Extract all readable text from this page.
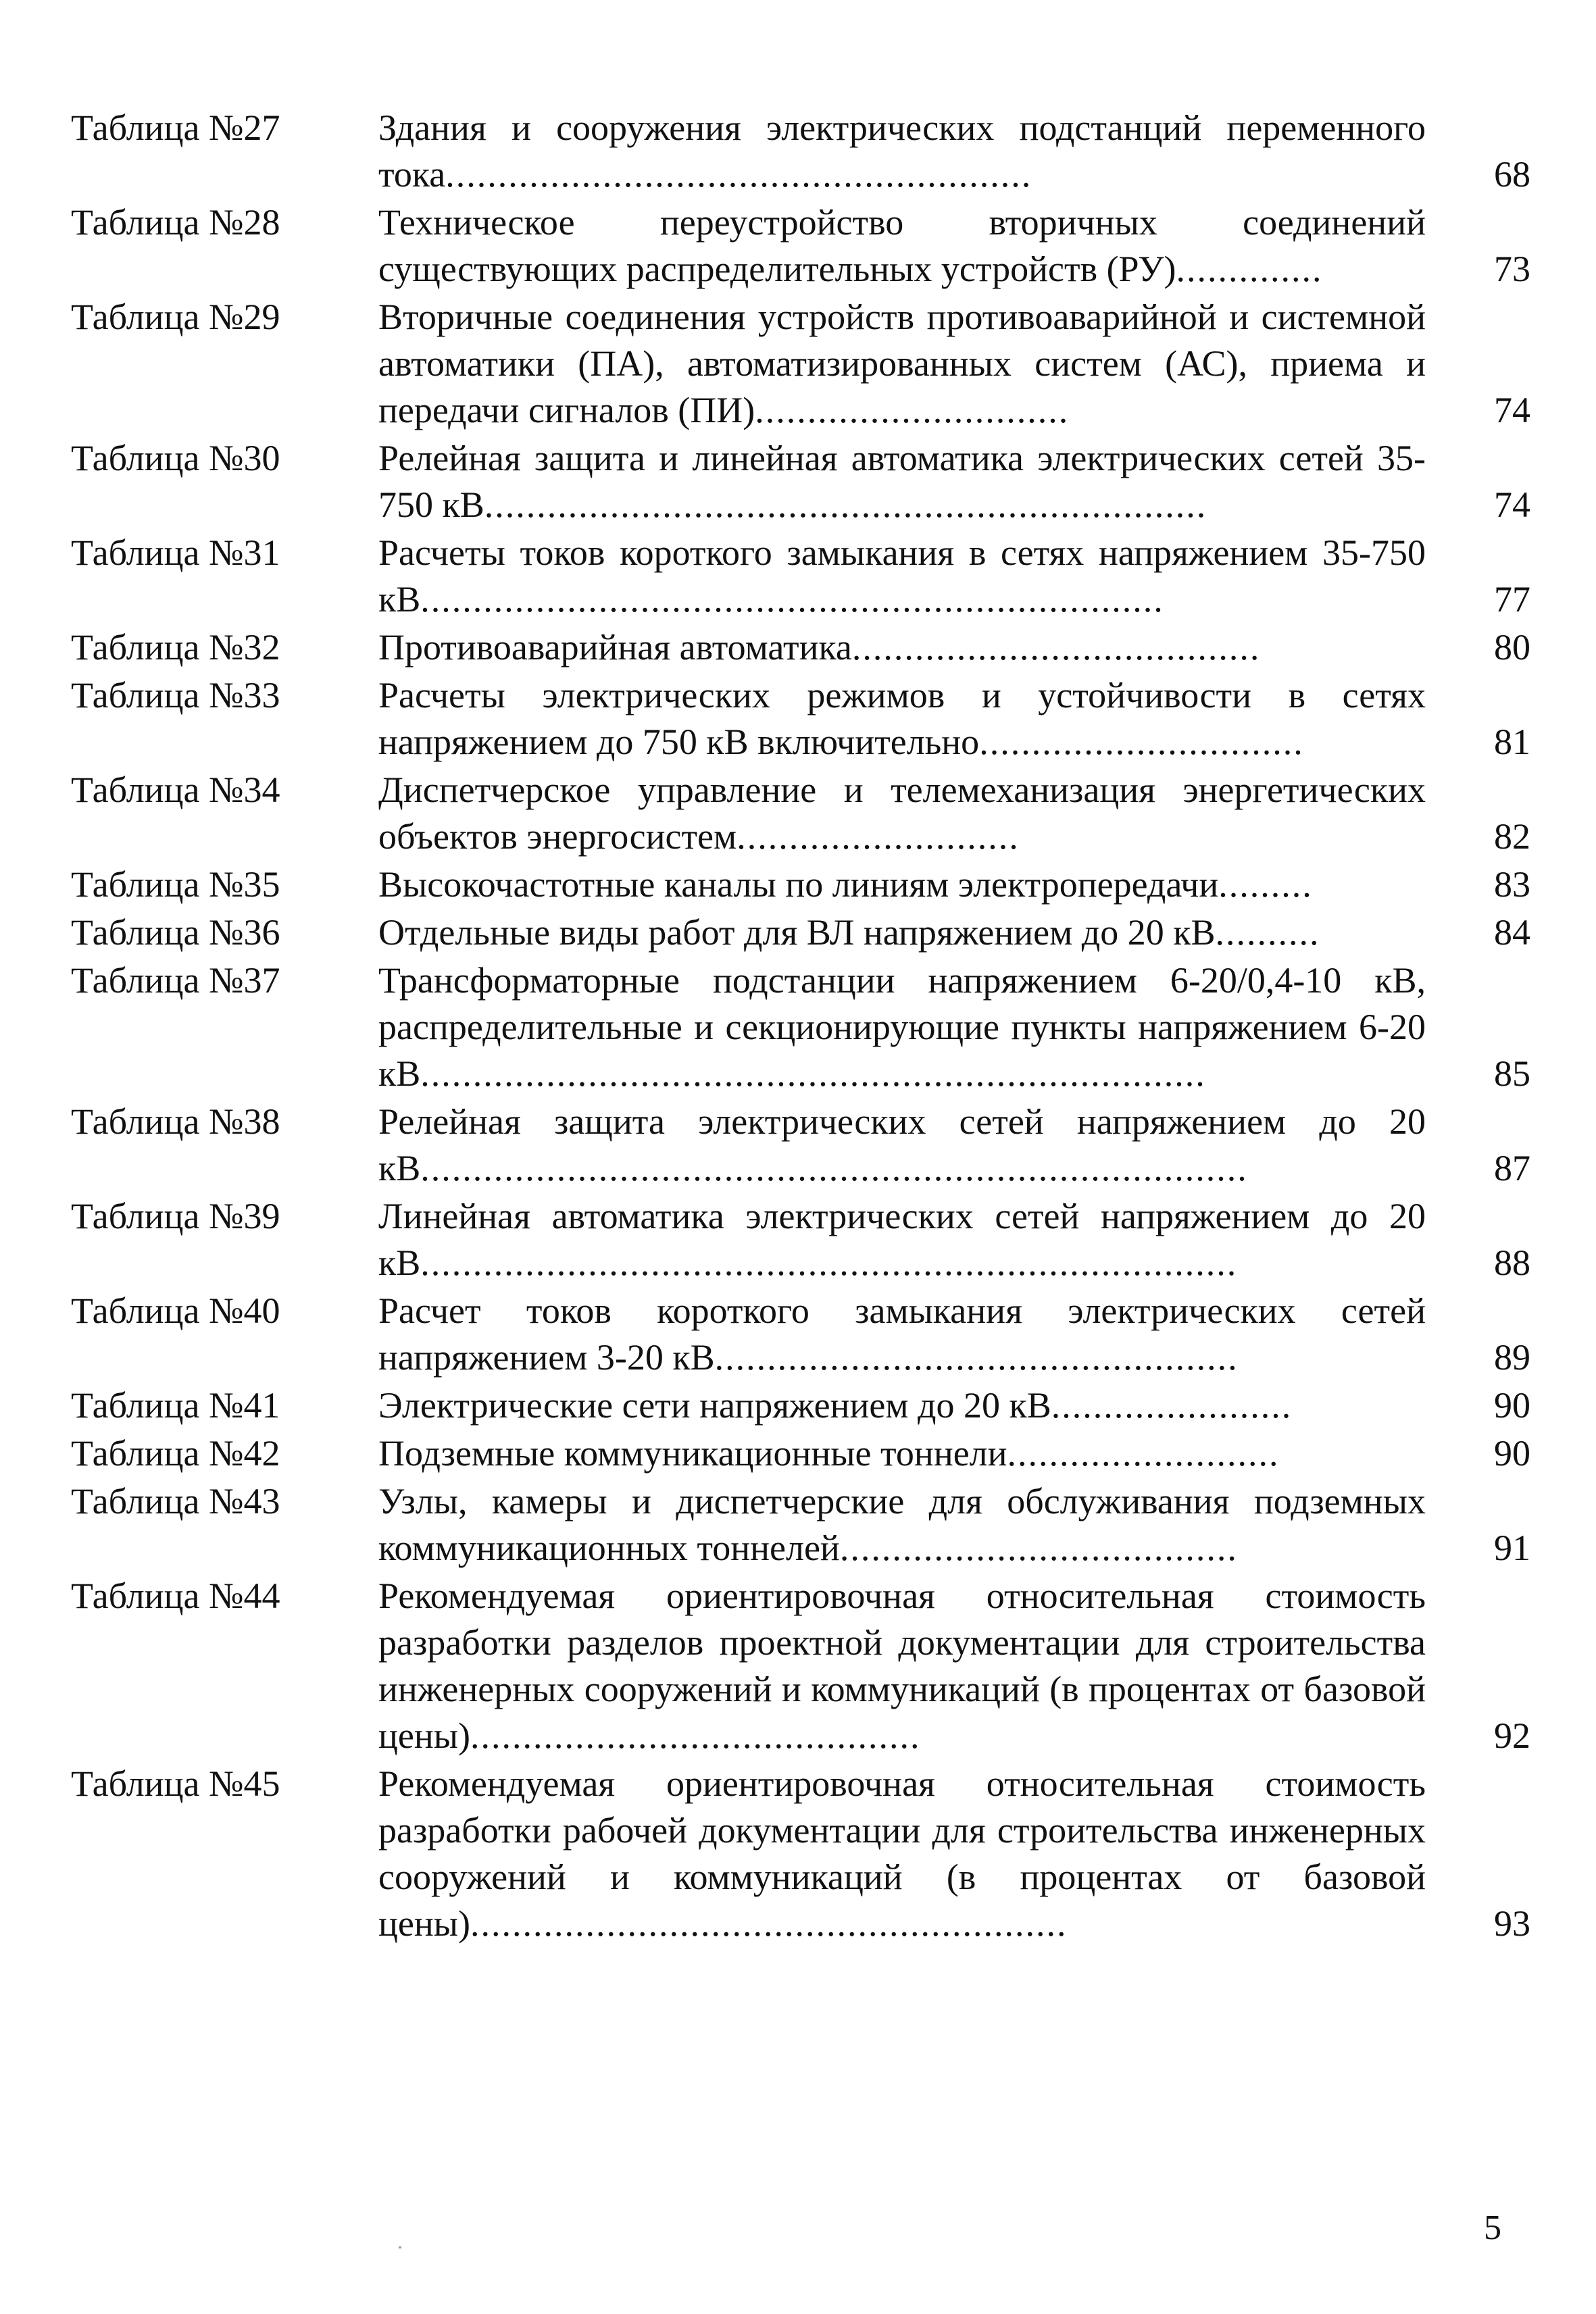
Таблица №27	Здания и сооружения электрических подстанций переменного тока........................................................	68
Таблица №28	Техническое переустройство вторичных соединений существующих распределительных устройств (РУ)..............	73
Таблица №29	Вторичные соединения устройств противоаварийной и системной автоматики (ПА), автоматизированных систем (АС), приема и передачи сигналов (ПИ)..............................	74
Таблица №30	Релейная защита и линейная автоматика электрических сетей 35-750 кВ.....................................................................	74
Таблица №31	Расчеты токов короткого замыкания в сетях напряжением 35-750 кВ.......................................................................	77
Таблица №32	Противоаварийная автоматика.......................................	80
Таблица №33	Расчеты электрических режимов и устойчивости в сетях напряжением до 750 кВ включительно...............................	81
Таблица №34	Диспетчерское управление и телемеханизация энергетических объектов энергосистем...........................	82
Таблица №35	Высокочастотные каналы по линиям электропередачи.........	83
Таблица №36	Отдельные виды работ для ВЛ напряжением до 20 кВ..........	84
Таблица №37	Трансформаторные подстанции напряжением 6-20/0,4-10 кВ, распределительные и секционирующие пункты напряжением 6-20 кВ...........................................................................	85
Таблица №38	Релейная защита электрических сетей напряжением до 20 кВ...............................................................................	87
Таблица №39	Линейная автоматика электрических сетей напряжением до 20 кВ..............................................................................	88
Таблица №40	Расчет токов короткого замыкания электрических сетей напряжением 3-20 кВ..................................................	89
Таблица №41	Электрические сети напряжением до 20 кВ.......................	90
Таблица №42	Подземные коммуникационные тоннели..........................	90
Таблица №43	Узлы, камеры и диспетчерские для обслуживания подземных коммуникационных тоннелей......................................	91
Таблица №44	Рекомендуемая ориентировочная относительная стоимость разработки разделов проектной документации для строительства инженерных сооружений и коммуникаций (в процентах от базовой цены)...........................................	92
Таблица №45	Рекомендуемая ориентировочная относительная стоимость разработки рабочей документации для строительства инженерных сооружений и коммуникаций (в процентах от базовой цены).........................................................	93
5
